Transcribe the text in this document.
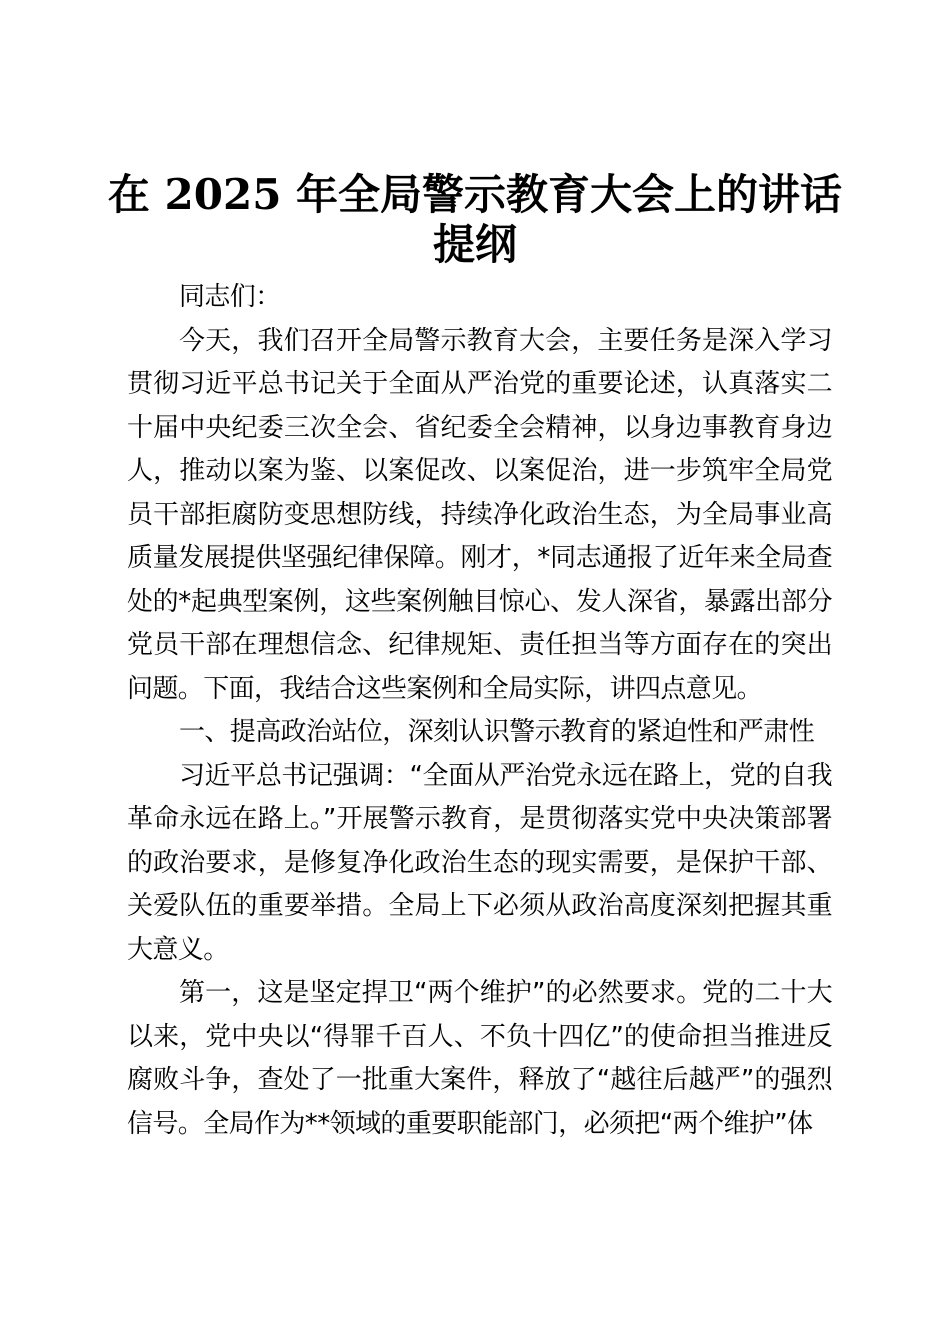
在 2025 年全局警示教育大会上的讲话
提纲

同志们：

今天，我们召开全局警示教育大会，主要任务是深入学习贯彻习近平总书记关于全面从严治党的重要论述，认真落实二十届中央纪委三次全会、省纪委全会精神，以身边事教育身边人，推动以案为鉴、以案促改、以案促治，进一步筑牢全局党员干部拒腐防变思想防线，持续净化政治生态，为全局事业高质量发展提供坚强纪律保障。刚才，*同志通报了近年来全局查处的*起典型案例，这些案例触目惊心、发人深省，暴露出部分党员干部在理想信念、纪律规矩、责任担当等方面存在的突出问题。下面，我结合这些案例和全局实际，讲四点意见。

一、提高政治站位，深刻认识警示教育的紧迫性和严肃性

习近平总书记强调：“全面从严治党永远在路上，党的自我革命永远在路上。”开展警示教育，是贯彻落实党中央决策部署的政治要求，是修复净化政治生态的现实需要，是保护干部、关爱队伍的重要举措。全局上下必须从政治高度深刻把握其重大意义。

第一，这是坚定捍卫“两个维护”的必然要求。党的二十大以来，党中央以“得罪千百人、不负十四亿”的使命担当推进反腐败斗争，查处了一批重大案件，释放了“越往后越严”的强烈信号。全局作为**领域的重要职能部门，必须把“两个维护”体
